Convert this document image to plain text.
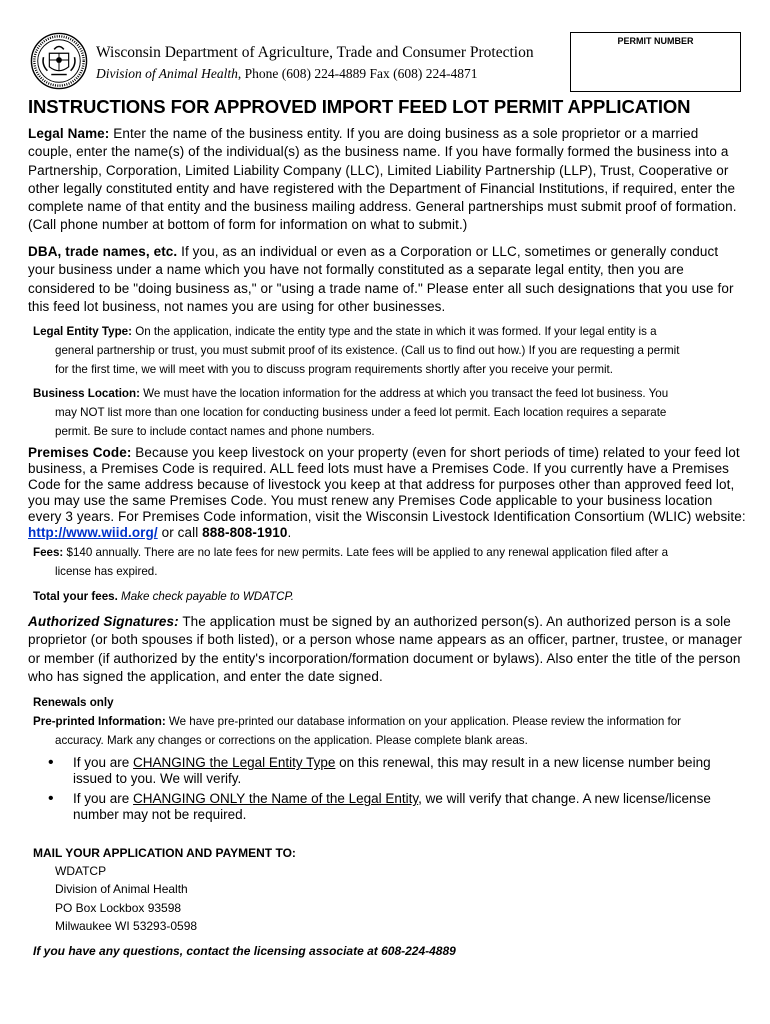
Wisconsin Department of Agriculture, Trade and Consumer Protection
Division of Animal Health, Phone (608) 224-4889 Fax (608) 224-4871
PERMIT NUMBER
INSTRUCTIONS FOR APPROVED IMPORT FEED LOT PERMIT APPLICATION
Legal Name: Enter the name of the business entity. If you are doing business as a sole proprietor or a married couple, enter the name(s) of the individual(s) as the business name. If you have formally formed the business into a Partnership, Corporation, Limited Liability Company (LLC), Limited Liability Partnership (LLP), Trust, Cooperative or other legally constituted entity and have registered with the Department of Financial Institutions, if required, enter the complete name of that entity and the business mailing address. General partnerships must submit proof of formation. (Call phone number at bottom of form for information on what to submit.)
DBA, trade names, etc. If you, as an individual or even as a Corporation or LLC, sometimes or generally conduct your business under a name which you have not formally constituted as a separate legal entity, then you are considered to be "doing business as," or "using a trade name of." Please enter all such designations that you use for this feed lot business, not names you are using for other businesses.
Legal Entity Type: On the application, indicate the entity type and the state in which it was formed. If your legal entity is a
general partnership or trust, you must submit proof of its existence. (Call us to find out how.) If you are requesting a permit
for the first time, we will meet with you to discuss program requirements shortly after you receive your permit.
Business Location: We must have the location information for the address at which you transact the feed lot business. You
may NOT list more than one location for conducting business under a feed lot permit. Each location requires a separate
permit. Be sure to include contact names and phone numbers.
Premises Code: Because you keep livestock on your property (even for short periods of time) related to your feed lot business, a Premises Code is required. ALL feed lots must have a Premises Code. If you currently have a Premises Code for the same address because of livestock you keep at that address for purposes other than approved feed lot, you may use the same Premises Code. You must renew any Premises Code applicable to your business location every 3 years. For Premises Code information, visit the Wisconsin Livestock Identification Consortium (WLIC) website: http://www.wiid.org/ or call 888-808-1910.
Fees: $140 annually. There are no late fees for new permits. Late fees will be applied to any renewal application filed after a
license has expired.
Total your fees. Make check payable to WDATCP.
Authorized Signatures: The application must be signed by an authorized person(s). An authorized person is a sole proprietor (or both spouses if both listed), or a person whose name appears as an officer, partner, trustee, or manager or member (if authorized by the entity's incorporation/formation document or bylaws). Also enter the title of the person who has signed the application, and enter the date signed.
Renewals only
Pre-printed Information: We have pre-printed our database information on your application. Please review the information for
accuracy. Mark any changes or corrections on the application. Please complete blank areas.
•	If you are CHANGING the Legal Entity Type on this renewal, this may result in a new license number being issued to you. We will verify.
•	If you are CHANGING ONLY the Name of the Legal Entity, we will verify that change. A new license/license number may not be required.
MAIL YOUR APPLICATION AND PAYMENT TO:
WDATCP
Division of Animal Health
PO Box Lockbox 93598
Milwaukee WI 53293-0598
If you have any questions, contact the licensing associate at 608-224-4889
